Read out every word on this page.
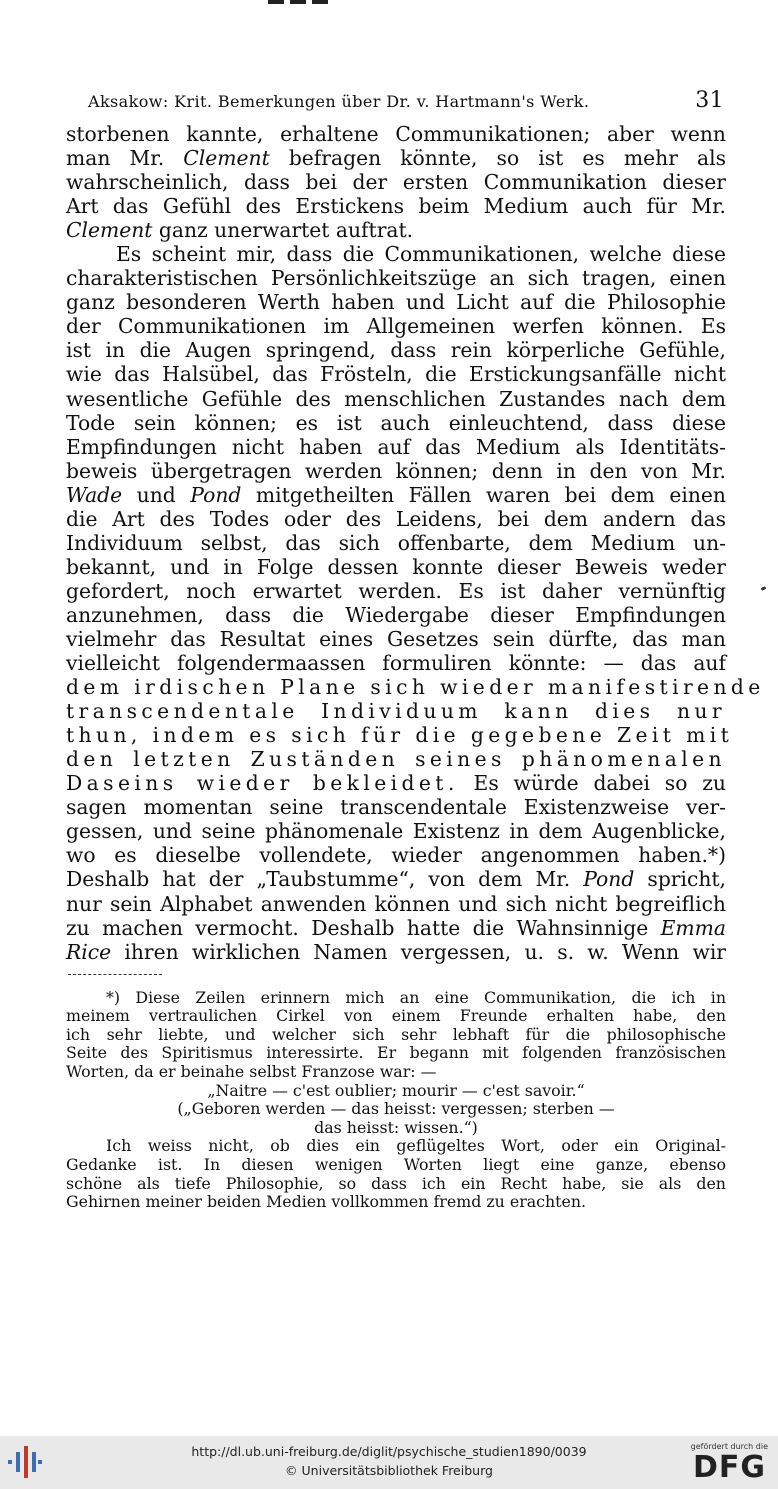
Aksakow: Krit. Bemerkungen über Dr. v. Hartmann's Werk.	31
storbenen kannte, erhaltene Communikationen; aber wenn
man Mr. Clement befragen könnte, so ist es mehr als
wahrscheinlich, dass bei der ersten Communikation dieser
Art das Gefühl des Erstickens beim Medium auch für Mr.
Clement ganz unerwartet auftrat.
Es scheint mir, dass die Communikationen, welche diese
charakteristischen Persönlichkeitszüge an sich tragen, einen
ganz besonderen Werth haben und Licht auf die Philosophie
der Communikationen im Allgemeinen werfen können. Es
ist in die Augen springend, dass rein körperliche Gefühle,
wie das Halsübel, das Frösteln, die Erstickungsanfälle nicht
wesentliche Gefühle des menschlichen Zustandes nach dem
Tode sein können; es ist auch einleuchtend, dass diese
Empfindungen nicht haben auf das Medium als Identitäts-
beweis übergetragen werden können; denn in den von Mr.
Wade und Pond mitgetheilten Fällen waren bei dem einen
die Art des Todes oder des Leidens, bei dem andern das
Individuum selbst, das sich offenbarte, dem Medium un-
bekannt, und in Folge dessen konnte dieser Beweis weder
gefordert, noch erwartet werden. Es ist daher vernünftig
anzunehmen, dass die Wiedergabe dieser Empfindungen
vielmehr das Resultat eines Gesetzes sein dürfte, das man
vielleicht folgendermaassen formuliren könnte: — das auf
dem irdischen Plane sich wieder manifestirende
transcendentale Individuum kann dies nur
thun, indem es sich für die gegebene Zeit mit
den letzten Zuständen seines phänomenalen
Daseins wieder bekleidet. Es würde dabei so zu
sagen momentan seine transcendentale Existenzweise ver-
gessen, und seine phänomenale Existenz in dem Augenblicke,
wo es dieselbe vollendete, wieder angenommen haben.*)
Deshalb hat der „Taubstumme“, von dem Mr. Pond spricht,
nur sein Alphabet anwenden können und sich nicht begreiflich
zu machen vermocht. Deshalb hatte die Wahnsinnige Emma
Rice ihren wirklichen Namen vergessen, u. s. w. Wenn wir
*) Diese Zeilen erinnern mich an eine Communikation, die ich in
meinem vertraulichen Cirkel von einem Freunde erhalten habe, den
ich sehr liebte, und welcher sich sehr lebhaft für die philosophische
Seite des Spiritismus interessirte. Er begann mit folgenden französischen
Worten, da er beinahe selbst Franzose war: —
„Naitre — c'est oublier; mourir — c'est savoir.“
(„Geboren werden — das heisst: vergessen; sterben —
das heisst: wissen.“)
Ich weiss nicht, ob dies ein geflügeltes Wort, oder ein Original-
Gedanke ist. In diesen wenigen Worten liegt eine ganze, ebenso
schöne als tiefe Philosophie, so dass ich ein Recht habe, sie als den
Gehirnen meiner beiden Medien vollkommen fremd zu erachten.
http://dl.ub.uni-freiburg.de/diglit/psychische_studien1890/0039
© Universitätsbibliothek Freiburg
gefördert durch die
DFG
